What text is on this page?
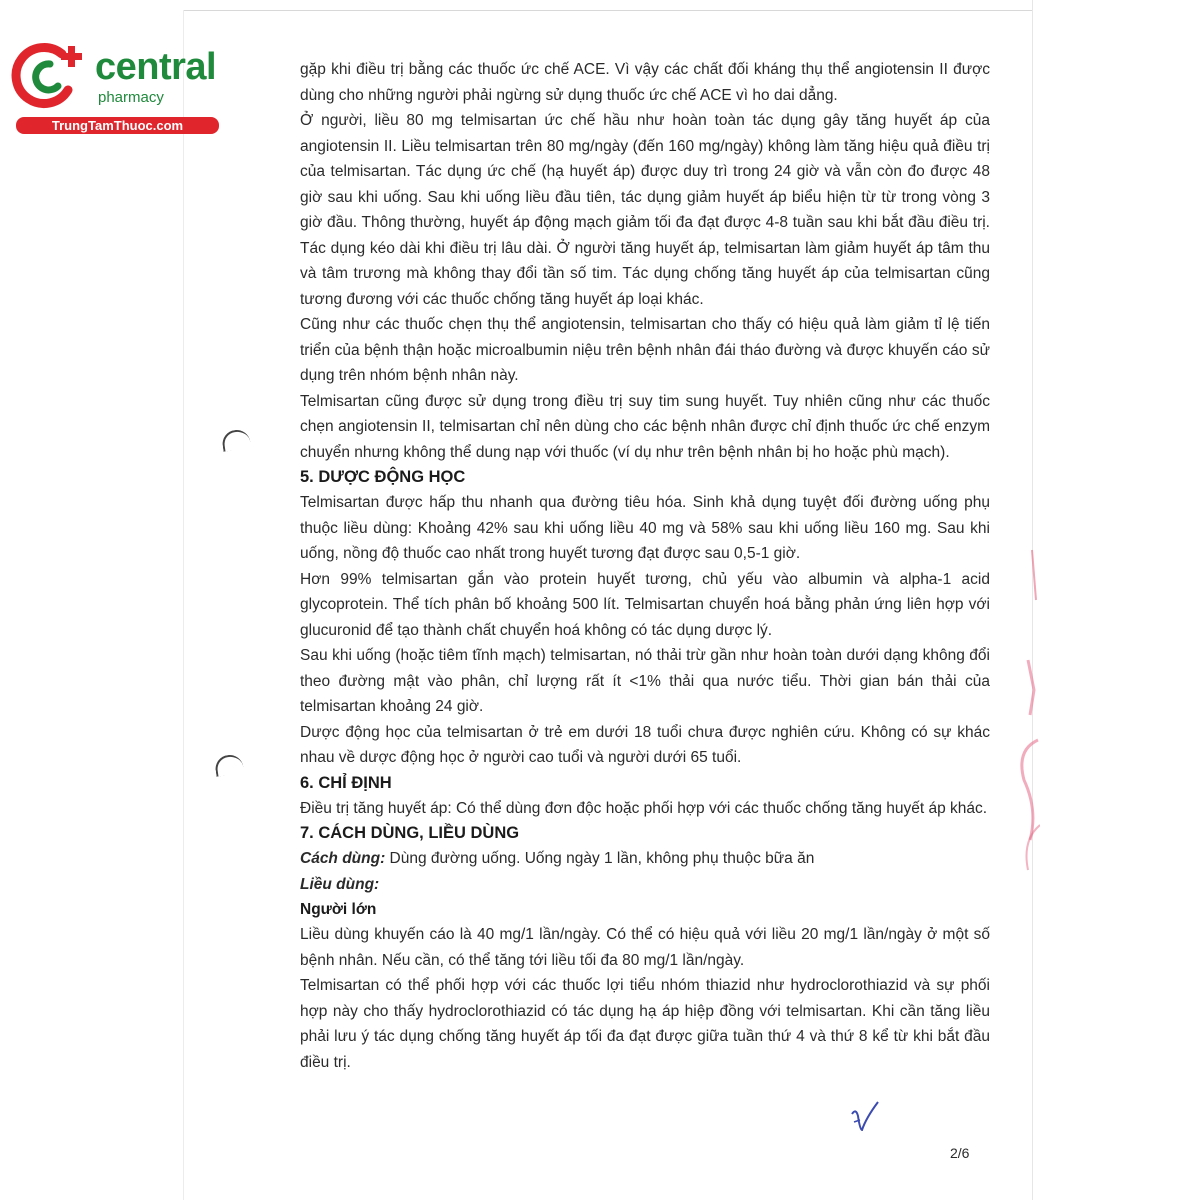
central
pharmacy
TrungTamThuoc.com

gặp khi điều trị bằng các thuốc ức chế ACE. Vì vậy các chất đối kháng thụ thể angiotensin II được dùng cho những người phải ngừng sử dụng thuốc ức chế ACE vì ho dai dẳng.

Ở người, liều 80 mg telmisartan ức chế hầu như hoàn toàn tác dụng gây tăng huyết áp của angiotensin II. Liều telmisartan trên 80 mg/ngày (đến 160 mg/ngày) không làm tăng hiệu quả điều trị của telmisartan. Tác dụng ức chế (hạ huyết áp) được duy trì trong 24 giờ và vẫn còn đo được 48 giờ sau khi uống. Sau khi uống liều đầu tiên, tác dụng giảm huyết áp biểu hiện từ từ trong vòng 3 giờ đầu. Thông thường, huyết áp động mạch giảm tối đa đạt được 4-8 tuần sau khi bắt đầu điều trị. Tác dụng kéo dài khi điều trị lâu dài. Ở người tăng huyết áp, telmisartan làm giảm huyết áp tâm thu và tâm trương mà không thay đổi tần số tim. Tác dụng chống tăng huyết áp của telmisartan cũng tương đương với các thuốc chống tăng huyết áp loại khác.

Cũng như các thuốc chẹn thụ thể angiotensin, telmisartan cho thấy có hiệu quả làm giảm tỉ lệ tiến triển của bệnh thận hoặc microalbumin niệu trên bệnh nhân đái tháo đường và được khuyến cáo sử dụng trên nhóm bệnh nhân này.

Telmisartan cũng được sử dụng trong điều trị suy tim sung huyết. Tuy nhiên cũng như các thuốc chẹn angiotensin II, telmisartan chỉ nên dùng cho các bệnh nhân được chỉ định thuốc ức chế enzym chuyển nhưng không thể dung nạp với thuốc (ví dụ như trên bệnh nhân bị ho hoặc phù mạch).

5. DƯỢC ĐỘNG HỌC

Telmisartan được hấp thu nhanh qua đường tiêu hóa. Sinh khả dụng tuyệt đối đường uống phụ thuộc liều dùng: Khoảng 42% sau khi uống liều 40 mg và 58% sau khi uống liều 160 mg. Sau khi uống, nồng độ thuốc cao nhất trong huyết tương đạt được sau 0,5-1 giờ.

Hơn 99% telmisartan gắn vào protein huyết tương, chủ yếu vào albumin và alpha-1 acid glycoprotein. Thể tích phân bố khoảng 500 lít. Telmisartan chuyển hoá bằng phản ứng liên hợp với glucuronid để tạo thành chất chuyển hoá không có tác dụng dược lý.

Sau khi uống (hoặc tiêm tĩnh mạch) telmisartan, nó thải trừ gần như hoàn toàn dưới dạng không đổi theo đường mật vào phân, chỉ lượng rất ít <1% thải qua nước tiểu. Thời gian bán thải của telmisartan khoảng 24 giờ.

Dược động học của telmisartan ở trẻ em dưới 18 tuổi chưa được nghiên cứu. Không có sự khác nhau về dược động học ở người cao tuổi và người dưới 65 tuổi.

6. CHỈ ĐỊNH

Điều trị tăng huyết áp: Có thể dùng đơn độc hoặc phối hợp với các thuốc chống tăng huyết áp khác.

7. CÁCH DÙNG, LIỀU DÙNG

Cách dùng: Dùng đường uống. Uống ngày 1 lần, không phụ thuộc bữa ăn

Liều dùng:

Người lớn

Liều dùng khuyến cáo là 40 mg/1 lần/ngày. Có thể có hiệu quả với liều 20 mg/1 lần/ngày ở một số bệnh nhân. Nếu cần, có thể tăng tới liều tối đa 80 mg/1 lần/ngày.

Telmisartan có thể phối hợp với các thuốc lợi tiểu nhóm thiazid như hydroclorothiazid và sự phối hợp này cho thấy hydroclorothiazid có tác dụng hạ áp hiệp đồng với telmisartan. Khi cần tăng liều phải lưu ý tác dụng chống tăng huyết áp tối đa đạt được giữa tuần thứ 4 và thứ 8 kể từ khi bắt đầu điều trị.

2/6
